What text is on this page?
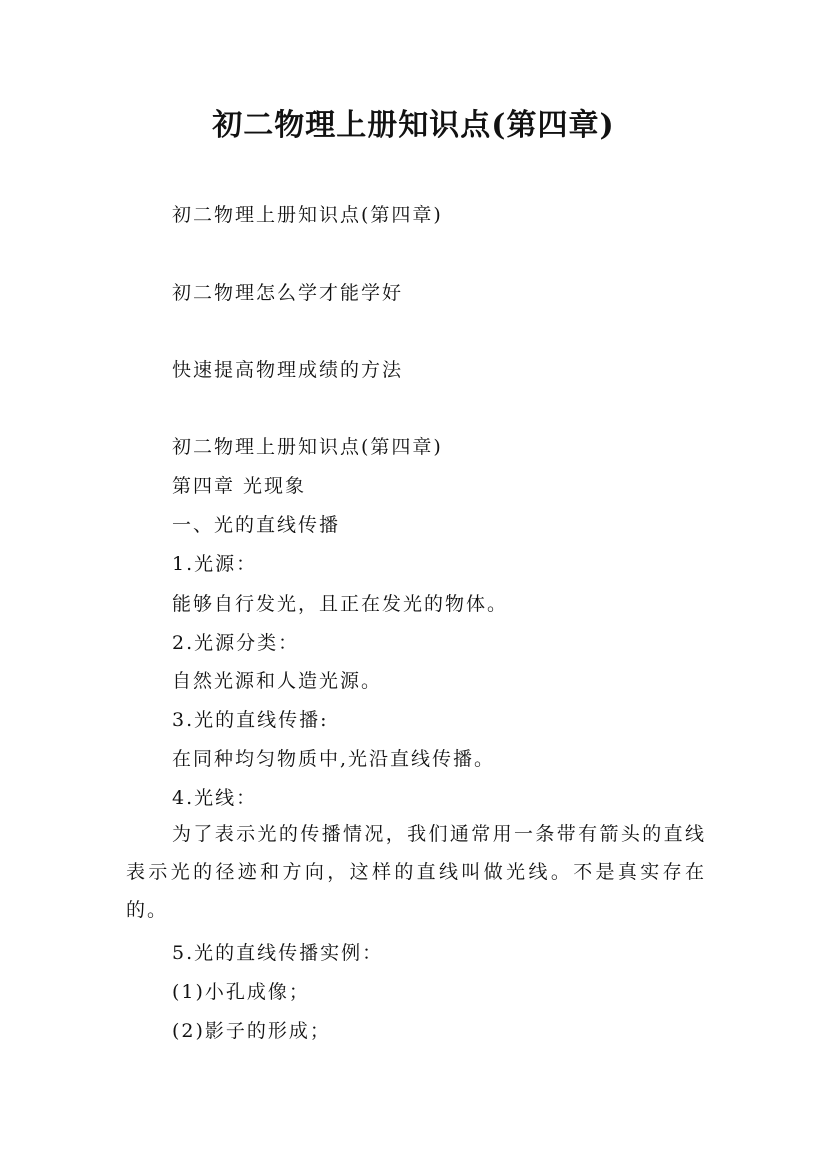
初二物理上册知识点(第四章)

初二物理上册知识点(第四章)

初二物理怎么学才能学好

快速提高物理成绩的方法

初二物理上册知识点(第四章)

第四章 光现象

一、光的直线传播

1.光源：

能够自行发光，且正在发光的物体。

2.光源分类：

自然光源和人造光源。

3.光的直线传播:

在同种均匀物质中,光沿直线传播。

4.光线：

为了表示光的传播情况，我们通常用一条带有箭头的直线表示光的径迹和方向，这样的直线叫做光线。不是真实存在的。

5.光的直线传播实例：

(1)小孔成像；

(2)影子的形成；
